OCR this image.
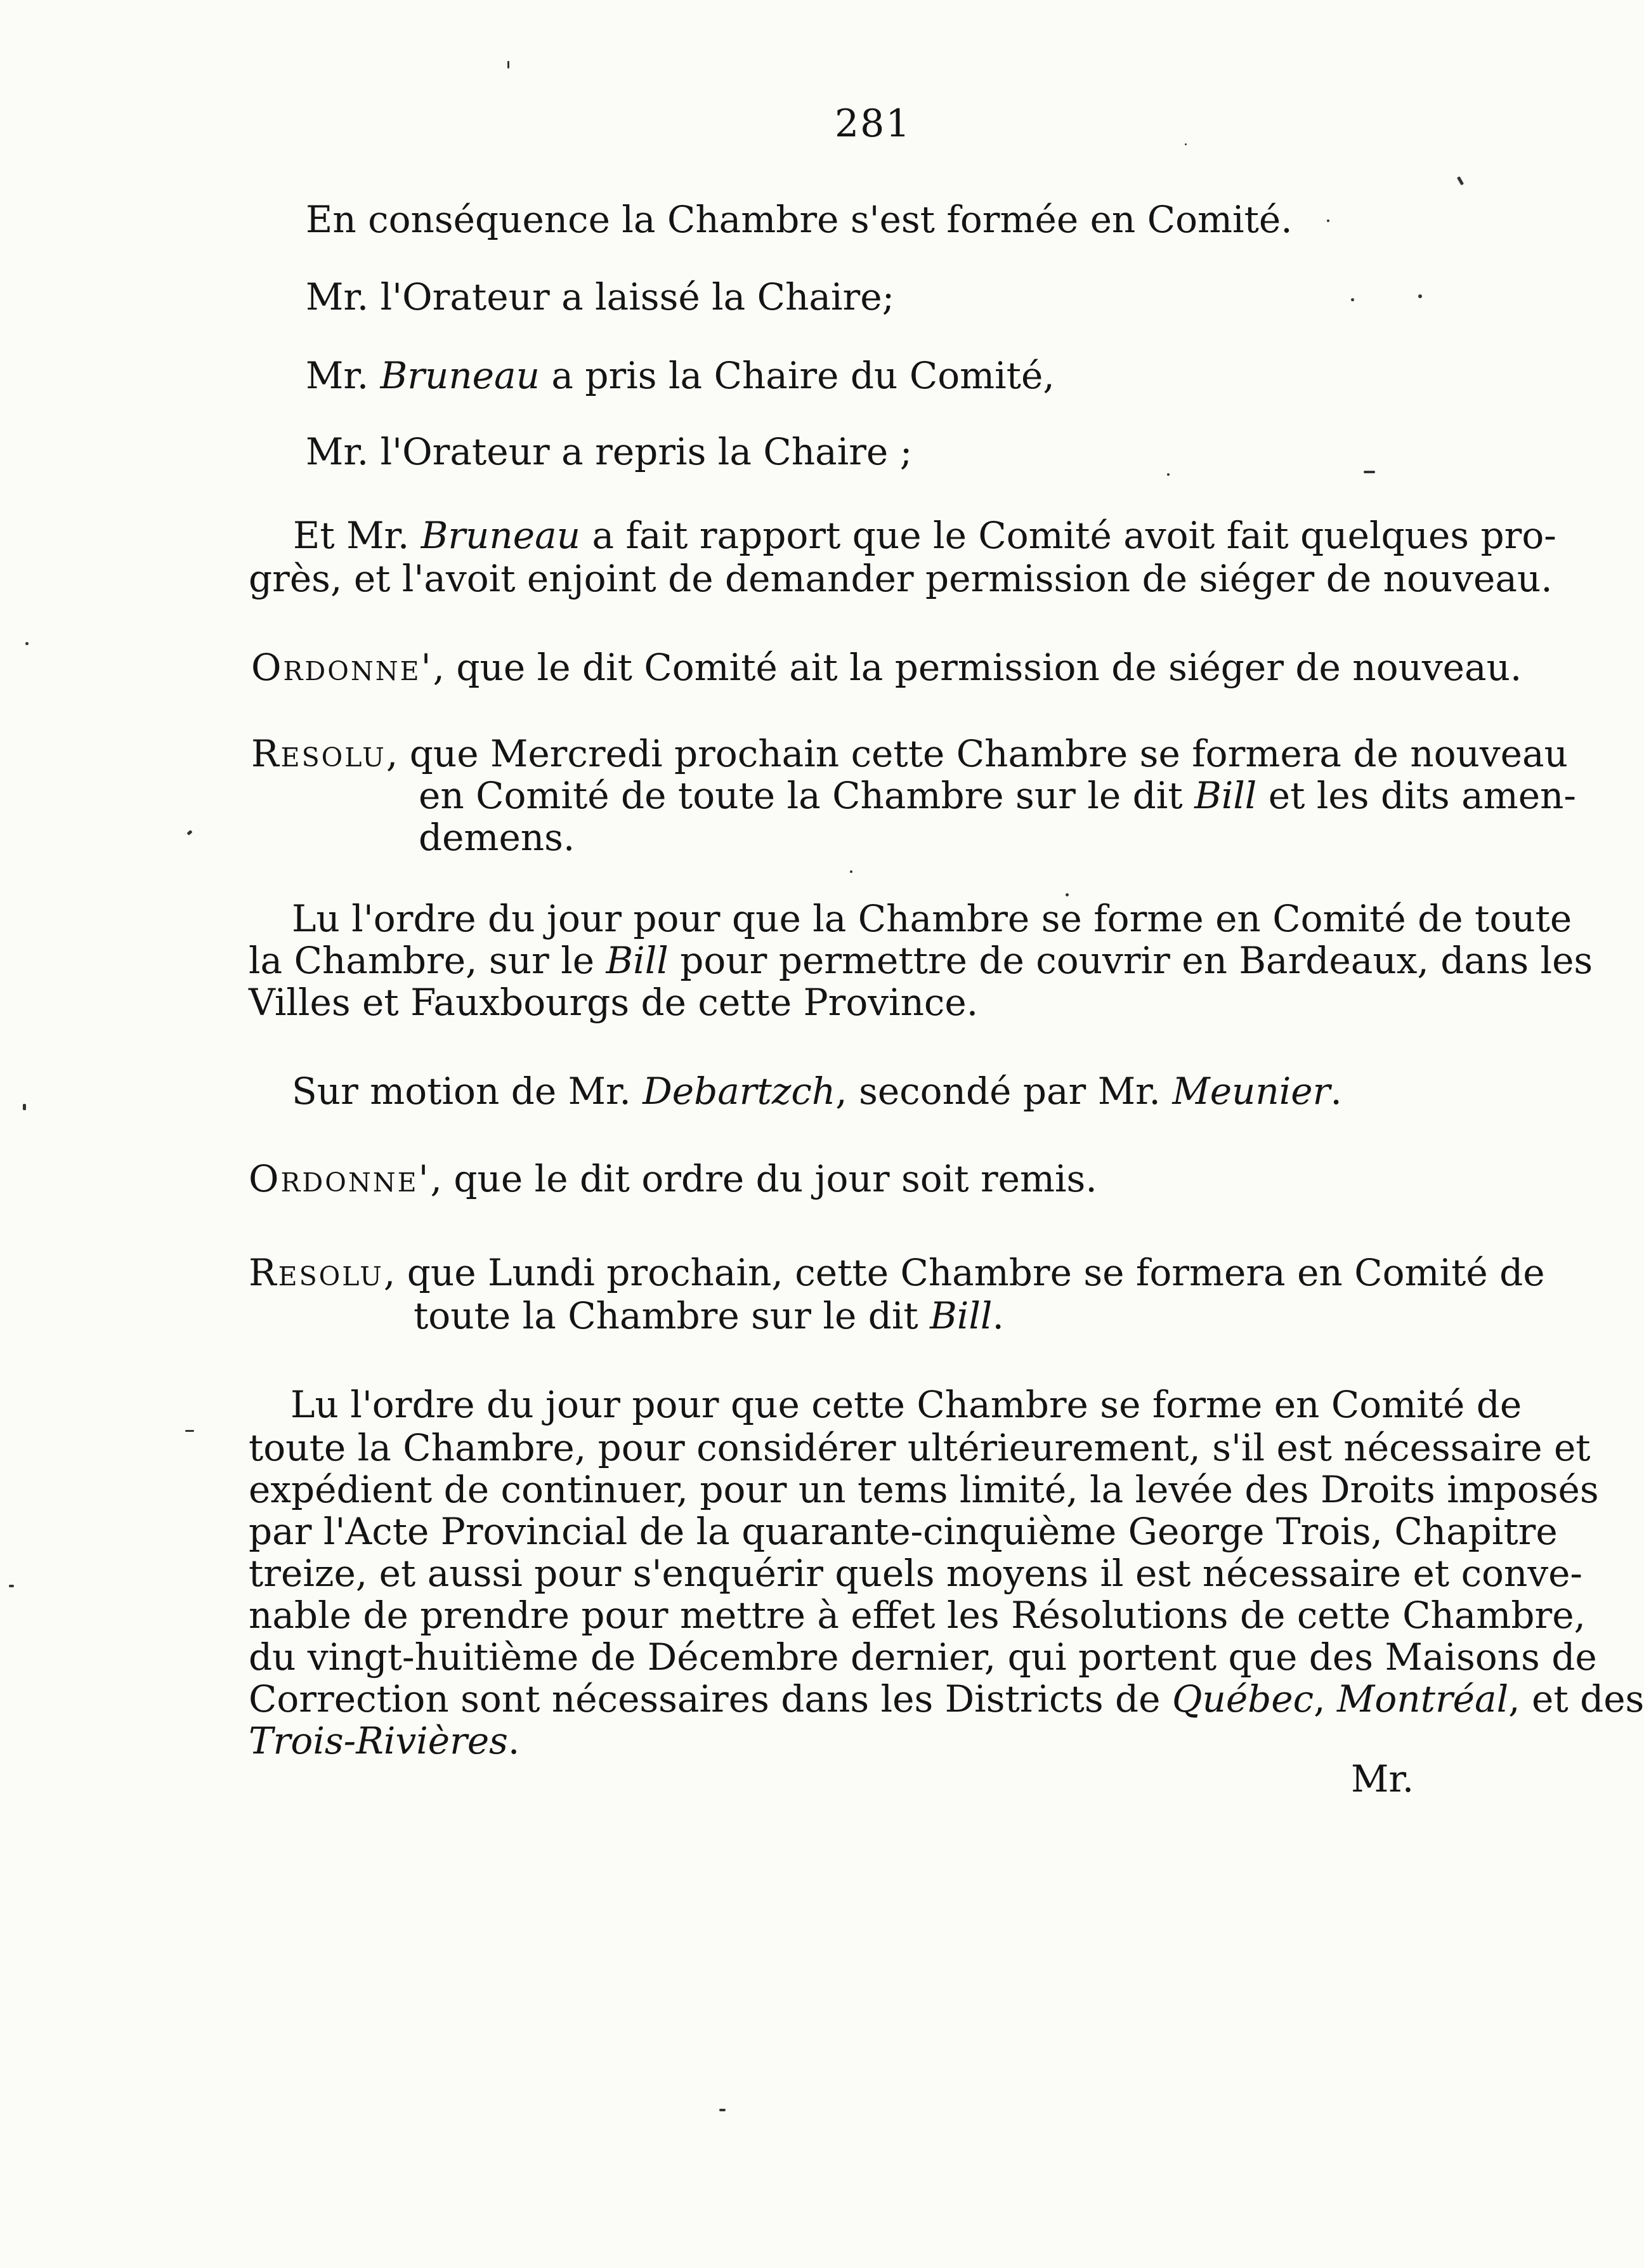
281
En conséquence la Chambre s'est formée en Comité.
Mr. l'Orateur a laissé la Chaire;
Mr. Bruneau a pris la Chaire du Comité,
Mr. l'Orateur a repris la Chaire ;
Et Mr. Bruneau a fait rapport que le Comité avoit fait quelques pro-
grès, et l'avoit enjoint de demander permission de siéger de nouveau.
Ordonne', que le dit Comité ait la permission de siéger de nouveau.
Resolu, que Mercredi prochain cette Chambre se formera de nouveau
en Comité de toute la Chambre sur le dit Bill et les dits amen-
demens.
Lu l'ordre du jour pour que la Chambre se forme en Comité de toute
la Chambre, sur le Bill pour permettre de couvrir en Bardeaux, dans les
Villes et Fauxbourgs de cette Province.
Sur motion de Mr. Debartzch, secondé par Mr. Meunier.
Ordonne', que le dit ordre du jour soit remis.
Resolu, que Lundi prochain, cette Chambre se formera en Comité de
toute la Chambre sur le dit Bill.
Lu l'ordre du jour pour que cette Chambre se forme en Comité de
toute la Chambre, pour considérer ultérieurement, s'il est nécessaire et
expédient de continuer, pour un tems limité, la levée des Droits imposés
par l'Acte Provincial de la quarante-cinquième George Trois, Chapitre
treize, et aussi pour s'enquérir quels moyens il est nécessaire et conve-
nable de prendre pour mettre à effet les Résolutions de cette Chambre,
du vingt-huitième de Décembre dernier, qui portent que des Maisons de
Correction sont nécessaires dans les Districts de Québec, Montréal, et des
Trois-Rivières.
Mr.
